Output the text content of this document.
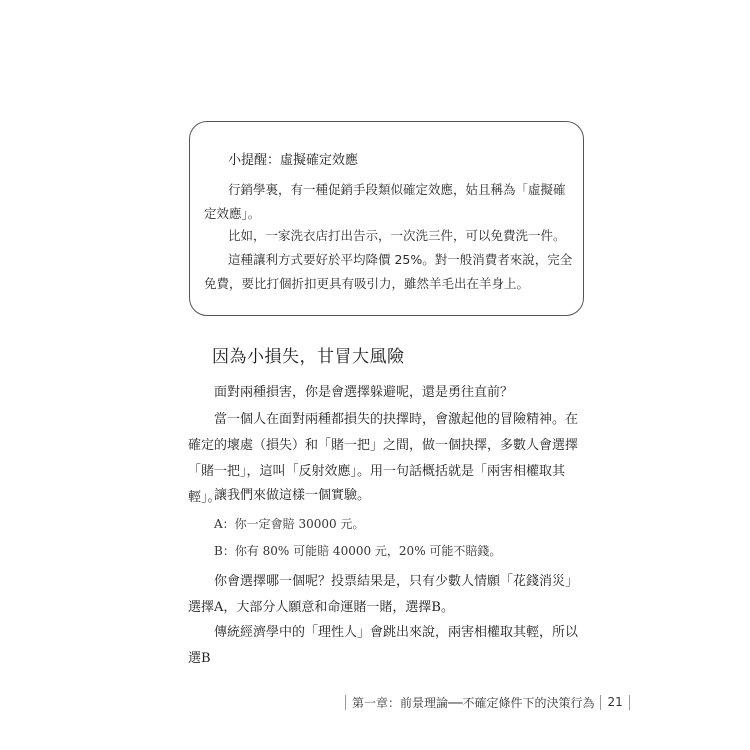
小提醒：虛擬確定效應
行銷學裏，有一種促銷手段類似確定效應，姑且稱為「虛擬確定效應」。
比如，一家洗衣店打出告示，一次洗三件，可以免費洗一件。
這種讓利方式要好於平均降價 25%。對一般消費者來說，完全免費，要比打個折扣更具有吸引力，雖然羊毛出在羊身上。
因為小損失，甘冒大風險
面對兩種損害，你是會選擇躲避呢，還是勇往直前？
當一個人在面對兩種都損失的抉擇時，會激起他的冒險精神。在確定的壞處（損失）和「賭一把」之間，做一個抉擇，多數人會選擇「賭一把」，這叫「反射效應」。用一句話概括就是「兩害相權取其輕」。
讓我們來做這樣一個實驗。
A：你一定會賠 30000 元。
B：你有 80% 可能賠 40000 元，20% 可能不賠錢。
你會選擇哪一個呢？投票結果是，只有少數人情願「花錢消災」選擇A，大部分人願意和命運賭一賭，選擇B。
傳統經濟學中的「理性人」會跳出來說，兩害相權取其輕，所以選B
第一章：前景理論──不確定條件下的決策行為 21
